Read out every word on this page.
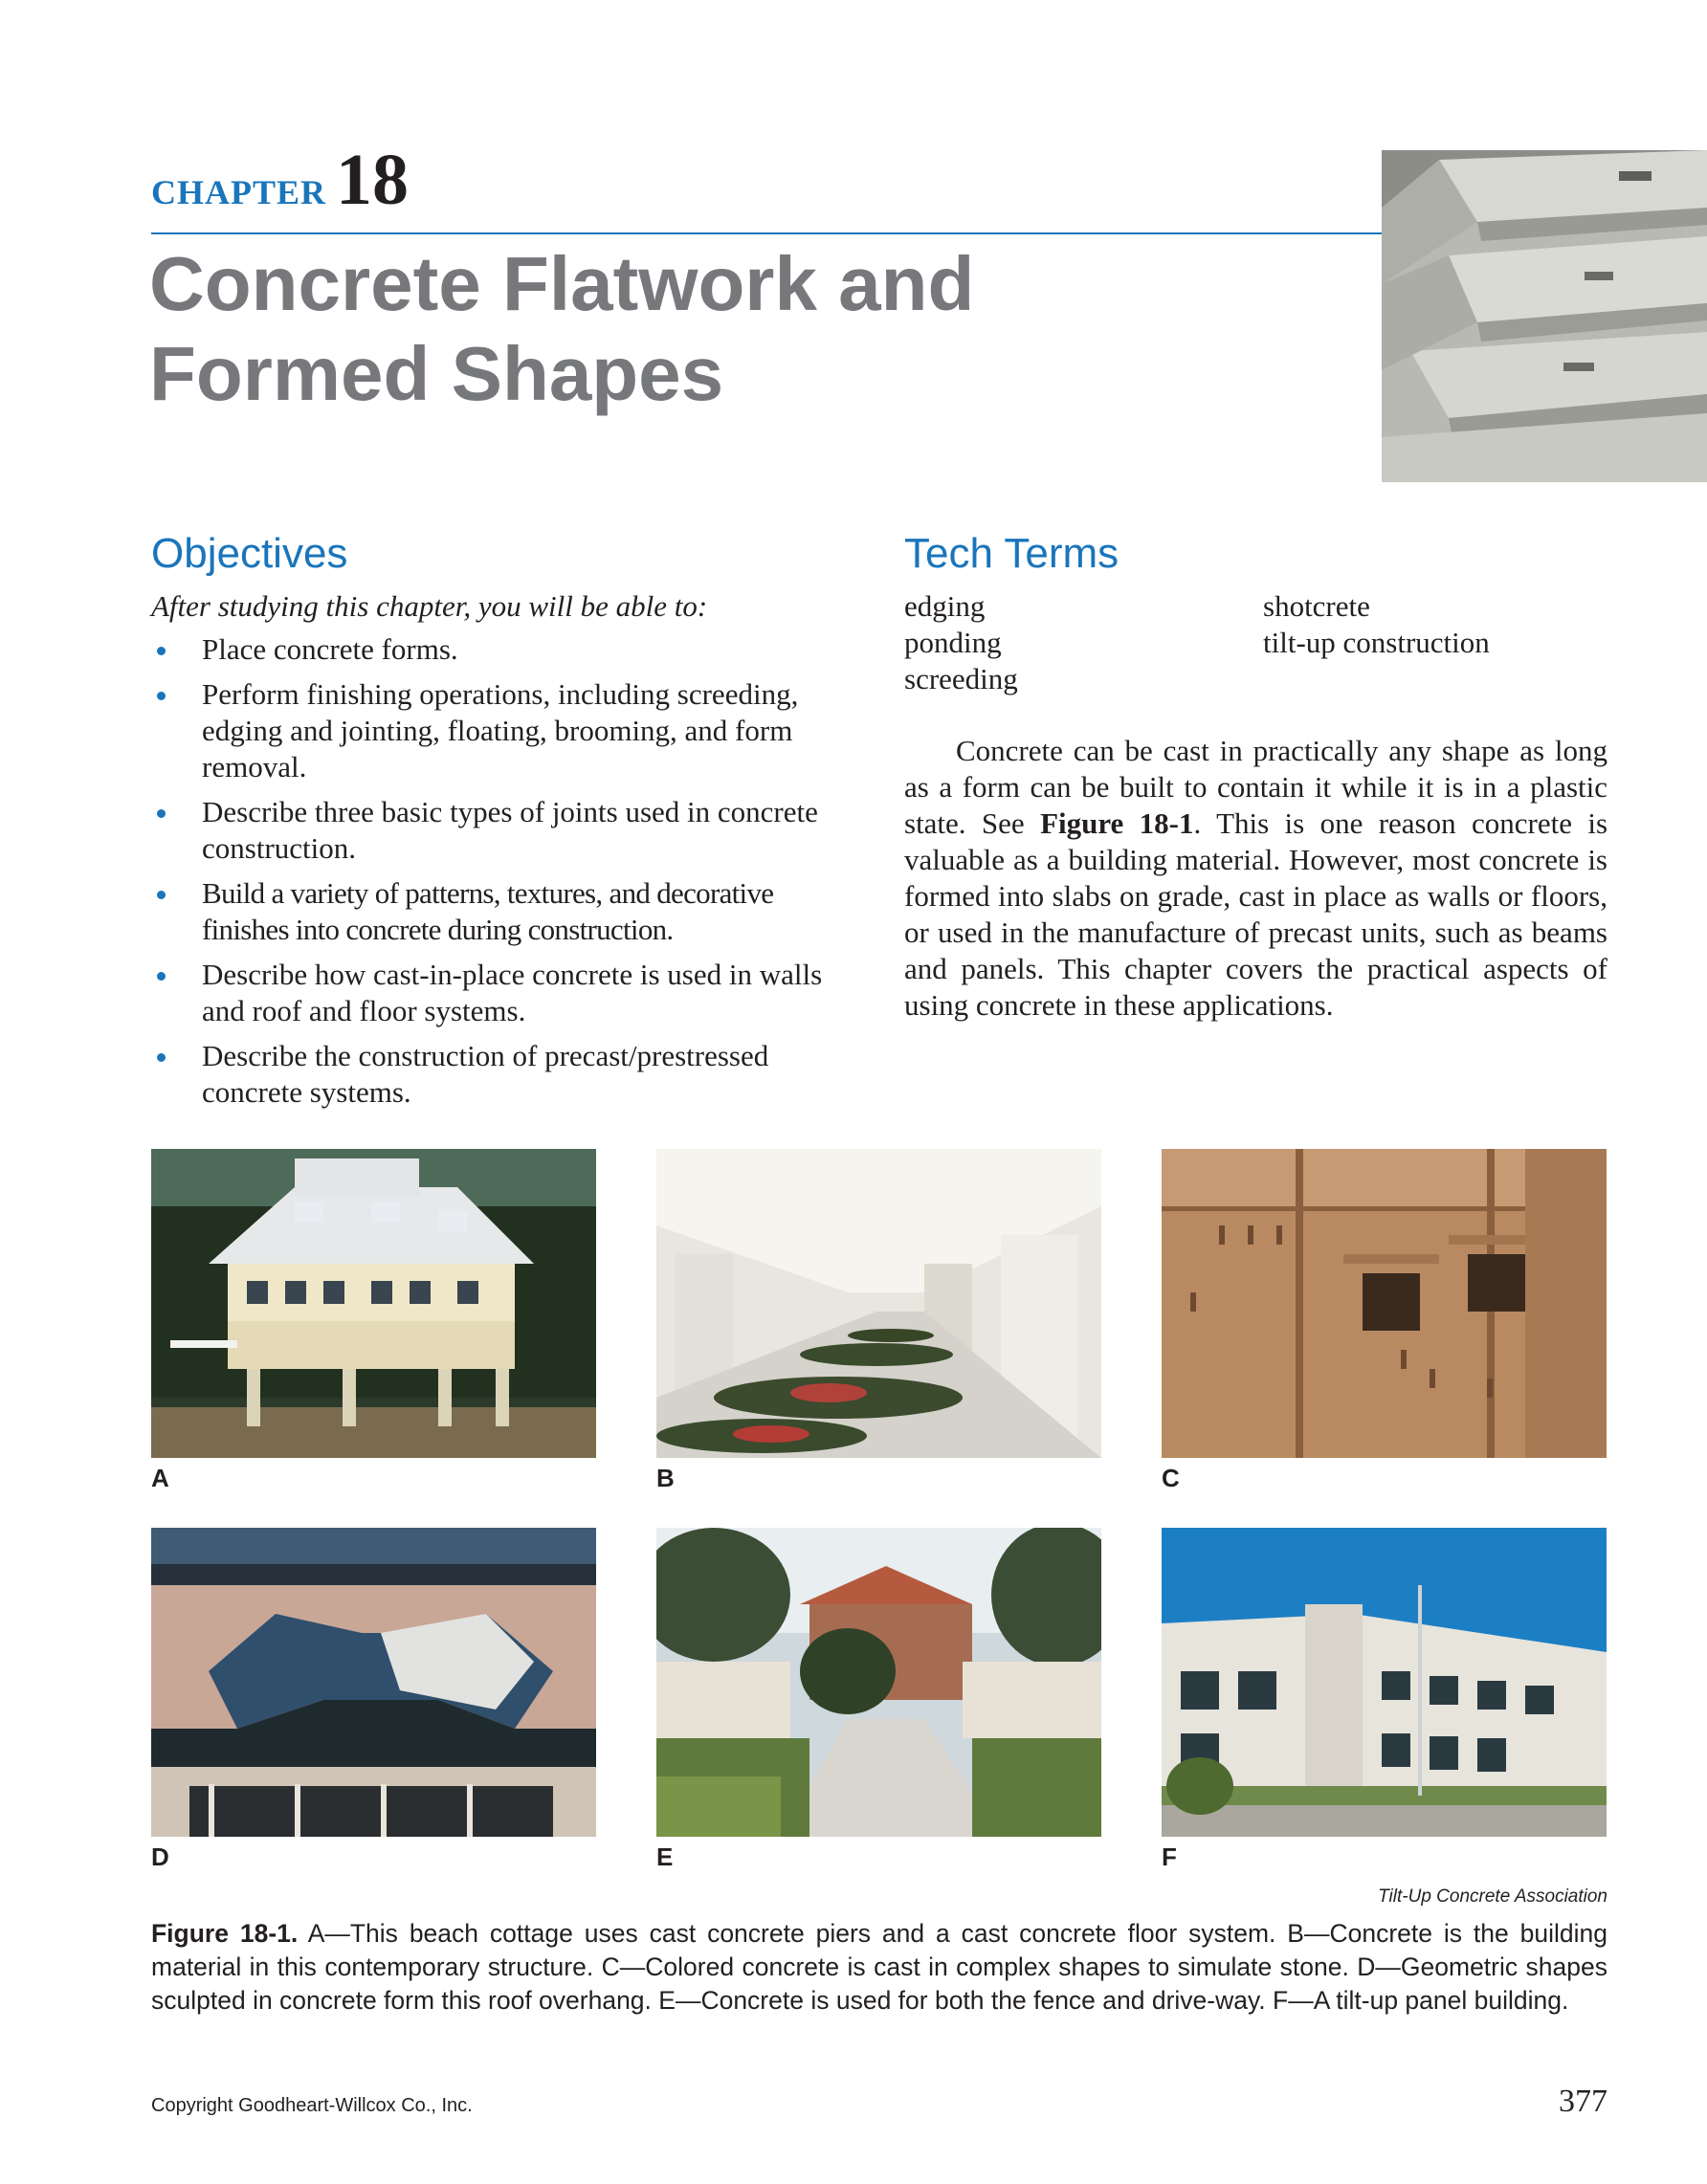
CHAPTER 18
Concrete Flatwork and
Formed Shapes
Objectives
After studying this chapter, you will be able to:
Place concrete forms.
Perform finishing operations, including screeding, edging and jointing, floating, brooming, and form removal.
Describe three basic types of joints used in concrete construction.
Build a variety of patterns, textures, and decorative finishes into concrete during construction.
Describe how cast-in-place concrete is used in walls and roof and floor systems.
Describe the construction of precast/prestressed concrete systems.
Tech Terms
edging
ponding
screeding
shotcrete
tilt-up construction

Concrete can be cast in practically any shape as long as a form can be built to contain it while it is in a plastic state. See Figure 18-1. This is one reason concrete is valuable as a building material. However, most concrete is formed into slabs on grade, cast in place as walls or floors, or used in the manufacture of precast units, such as beams and panels. This chapter covers the practical aspects of using concrete in these applications.

A	B	C
D	E	F
Tilt-Up Concrete Association

Figure 18-1. A—This beach cottage uses cast concrete piers and a cast concrete floor system. B—Concrete is the building material in this contemporary structure. C—Colored concrete is cast in complex shapes to simulate stone. D—Geometric shapes sculpted in concrete form this roof overhang. E—Concrete is used for both the fence and drive-way. F—A tilt-up panel building.

Copyright Goodheart-Willcox Co., Inc.	377
